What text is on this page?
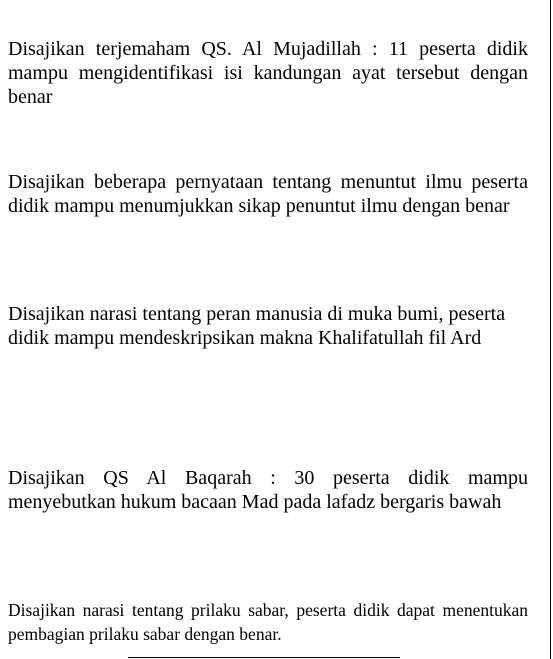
Disajikan terjemaham QS. Al Mujadillah : 11 peserta didik mampu mengidentifikasi isi kandungan ayat tersebut dengan benar

Disajikan beberapa pernyataan tentang menuntut ilmu peserta didik mampu menumjukkan sikap penuntut ilmu dengan benar

Disajikan narasi tentang peran manusia di muka bumi, peserta didik mampu mendeskripsikan makna Khalifatullah fil Ard

Disajikan QS Al Baqarah : 30 peserta didik mampu menyebutkan hukum bacaan Mad pada lafadz bergaris bawah

Disajikan narasi tentang prilaku sabar, peserta didik dapat menentukan pembagian prilaku sabar dengan benar.
